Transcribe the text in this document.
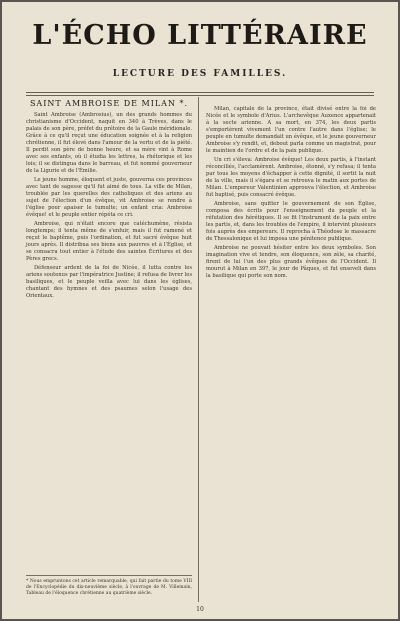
L'ÉCHO LITTÉRAIRE
LECTURE DES FAMILLES.
SAINT AMBROISE DE MILAN *.

Saint Ambroise (Ambrosius), un des grands hommes du christianisme d'Occident, naquit en 340 à Trèves, dans le palais de son père, préfet du prétoire de la Gaule méridionale. Grâce à ce qu'il reçut une éducation soignée et à la religion chrétienne, il fut élevé dans l'amour de la vertu et de la piété. Il perdit son père de bonne heure, et sa mère vint à Rome avec ses enfants, où il étudia les lettres, la rhétorique et les lois; il se distingua dans le barreau, et fut nommé gouverneur de la Ligurie et de l'Émilie.

Le jeune homme, éloquent et juste, gouverna ces provinces avec tant de sagesse qu'il fut aimé de tous. La ville de Milan, troublée par les querelles des catholiques et des ariens au sujet de l'élection d'un évêque, vit Ambroise se rendre à l'église pour apaiser le tumulte; un enfant cria: Ambroise évêque! et le peuple entier répéta ce cri.

Ambroise, qui n'était encore que catéchumène, résista longtemps; il tenta même de s'enfuir, mais il fut ramené et reçut le baptême, puis l'ordination, et fut sacré évêque huit jours après. Il distribua ses biens aux pauvres et à l'Église, et se consacra tout entier à l'étude des saintes Écritures et des Pères grecs.

Défenseur ardent de la foi de Nicée, il lutta contre les ariens soutenus par l'impératrice Justine; il refusa de livrer les basiliques, et le peuple veilla avec lui dans les églises, chantant des hymnes et des psaumes selon l'usage des Orientaux.

Milan, capitale de la province, était divisé entre la foi de Nicée et le symbole d'Arius. L'archevêque Auxence appartenait à la secte arienne. A sa mort, en 374, les deux partis s'emportèrent vivement l'un contre l'autre dans l'église; le peuple en tumulte demandait un évêque, et le jeune gouverneur Ambroise s'y rendit, et, debout parla comme un magistrat, pour le maintien de l'ordre et de la paix publique.

Un cri s'éleva: Ambroise évêque! Les deux partis, à l'instant réconciliés, l'acclamèrent. Ambroise, étonné, s'y refusa; il tenta par tous les moyens d'échapper à cette dignité, il sortit la nuit de la ville, mais il s'égara et se retrouva le matin aux portes de Milan. L'empereur Valentinien approuva l'élection, et Ambroise fut baptisé, puis consacré évêque.

Ambroise, sans quitter le gouvernement de son Église, composa des écrits pour l'enseignement du peuple et la réfutation des hérétiques. Il se fit l'instrument de la paix entre les partis, et, dans les troubles de l'empire, il intervint plusieurs fois auprès des empereurs. Il reprocha à Théodose le massacre de Thessalonique et lui imposa une pénitence publique.

Ambroise ne pouvait hésiter entre les deux symboles. Son imagination vive et tendre, son éloquence, son zèle, sa charité, firent de lui l'un des plus grands évêques de l'Occident. Il mourut à Milan en 397, le jour de Pâques, et fut enseveli dans la basilique qui porte son nom.

* Nous empruntons cet article remarquable, qui fait partie du tome VIII de l'Encyclopédie du dix-neuvième siècle, à l'ouvrage de M. Villemain, Tableau de l'éloquence chrétienne au quatrième siècle.
10
